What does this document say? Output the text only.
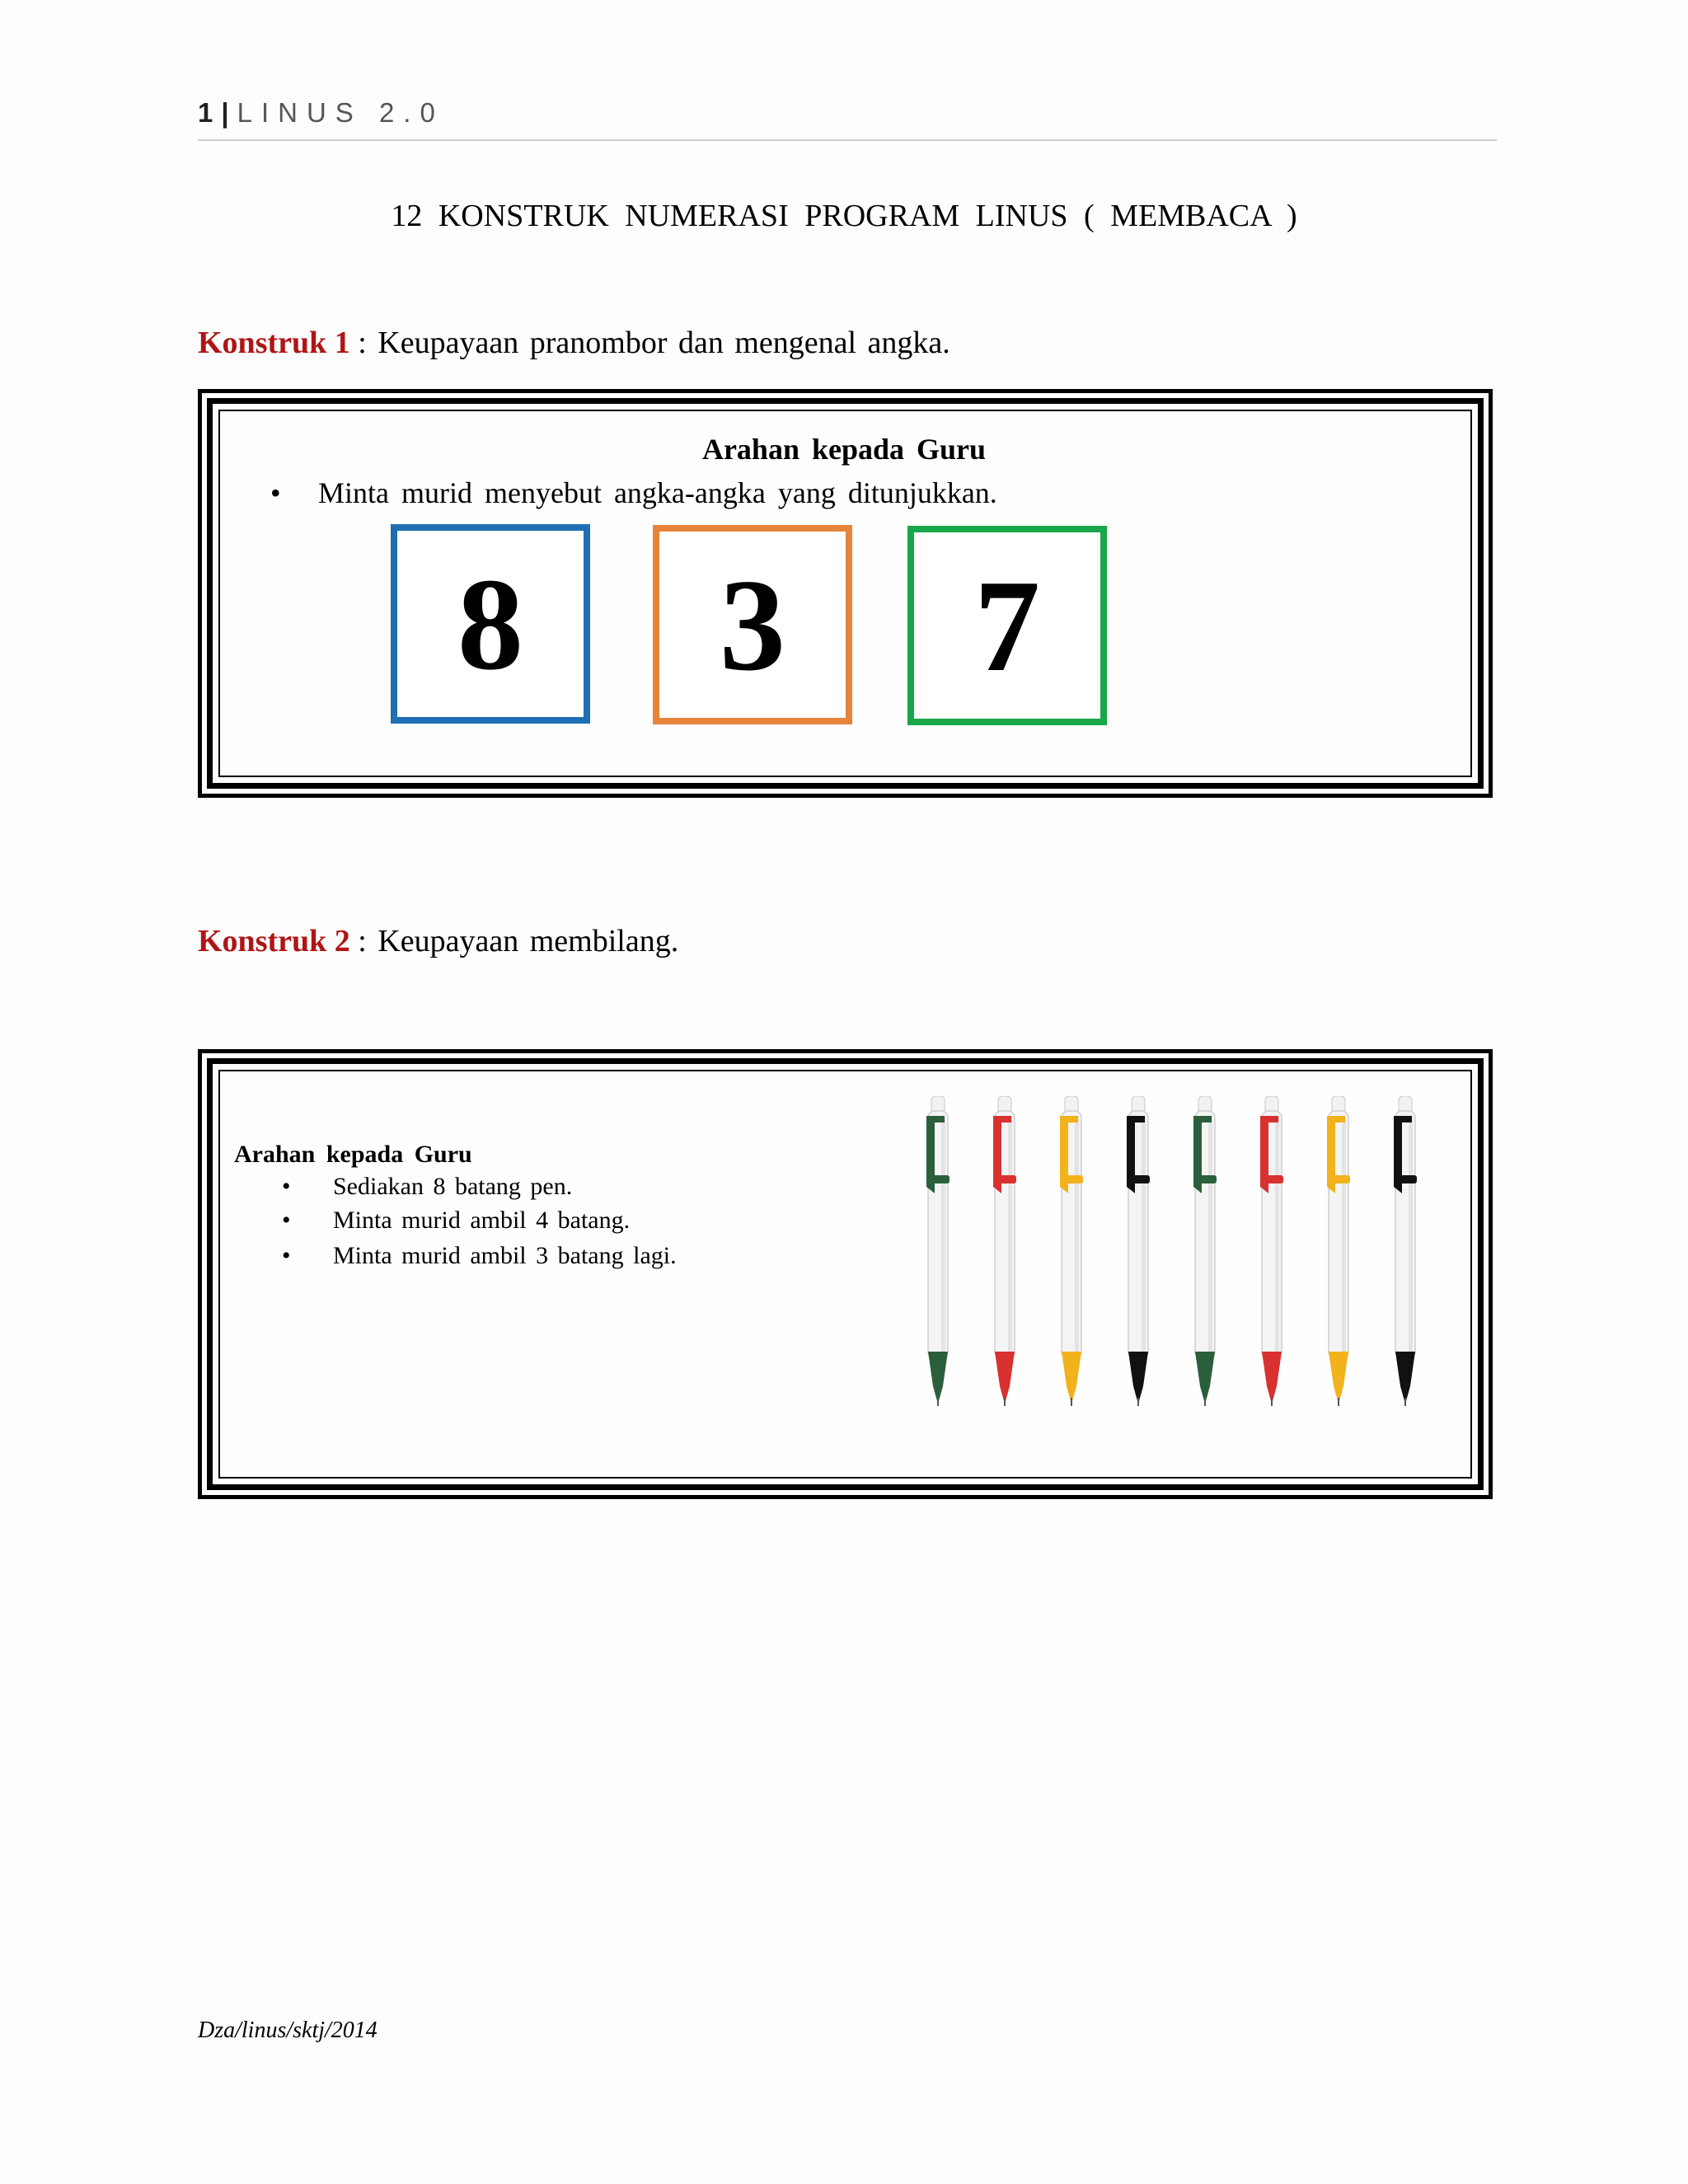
1 | LINUS 2.0
12 KONSTRUK NUMERASI PROGRAM LINUS ( MEMBACA )
Konstruk 1 : Keupayaan pranombor dan mengenal angka.
Arahan kepada Guru
• Minta murid menyebut angka-angka yang ditunjukkan.
8	3	7
Konstruk 2 : Keupayaan membilang.
Arahan kepada Guru
• Sediakan 8 batang pen.
• Minta murid ambil 4 batang.
• Minta murid ambil 3 batang lagi.
Dza/linus/sktj/2014
